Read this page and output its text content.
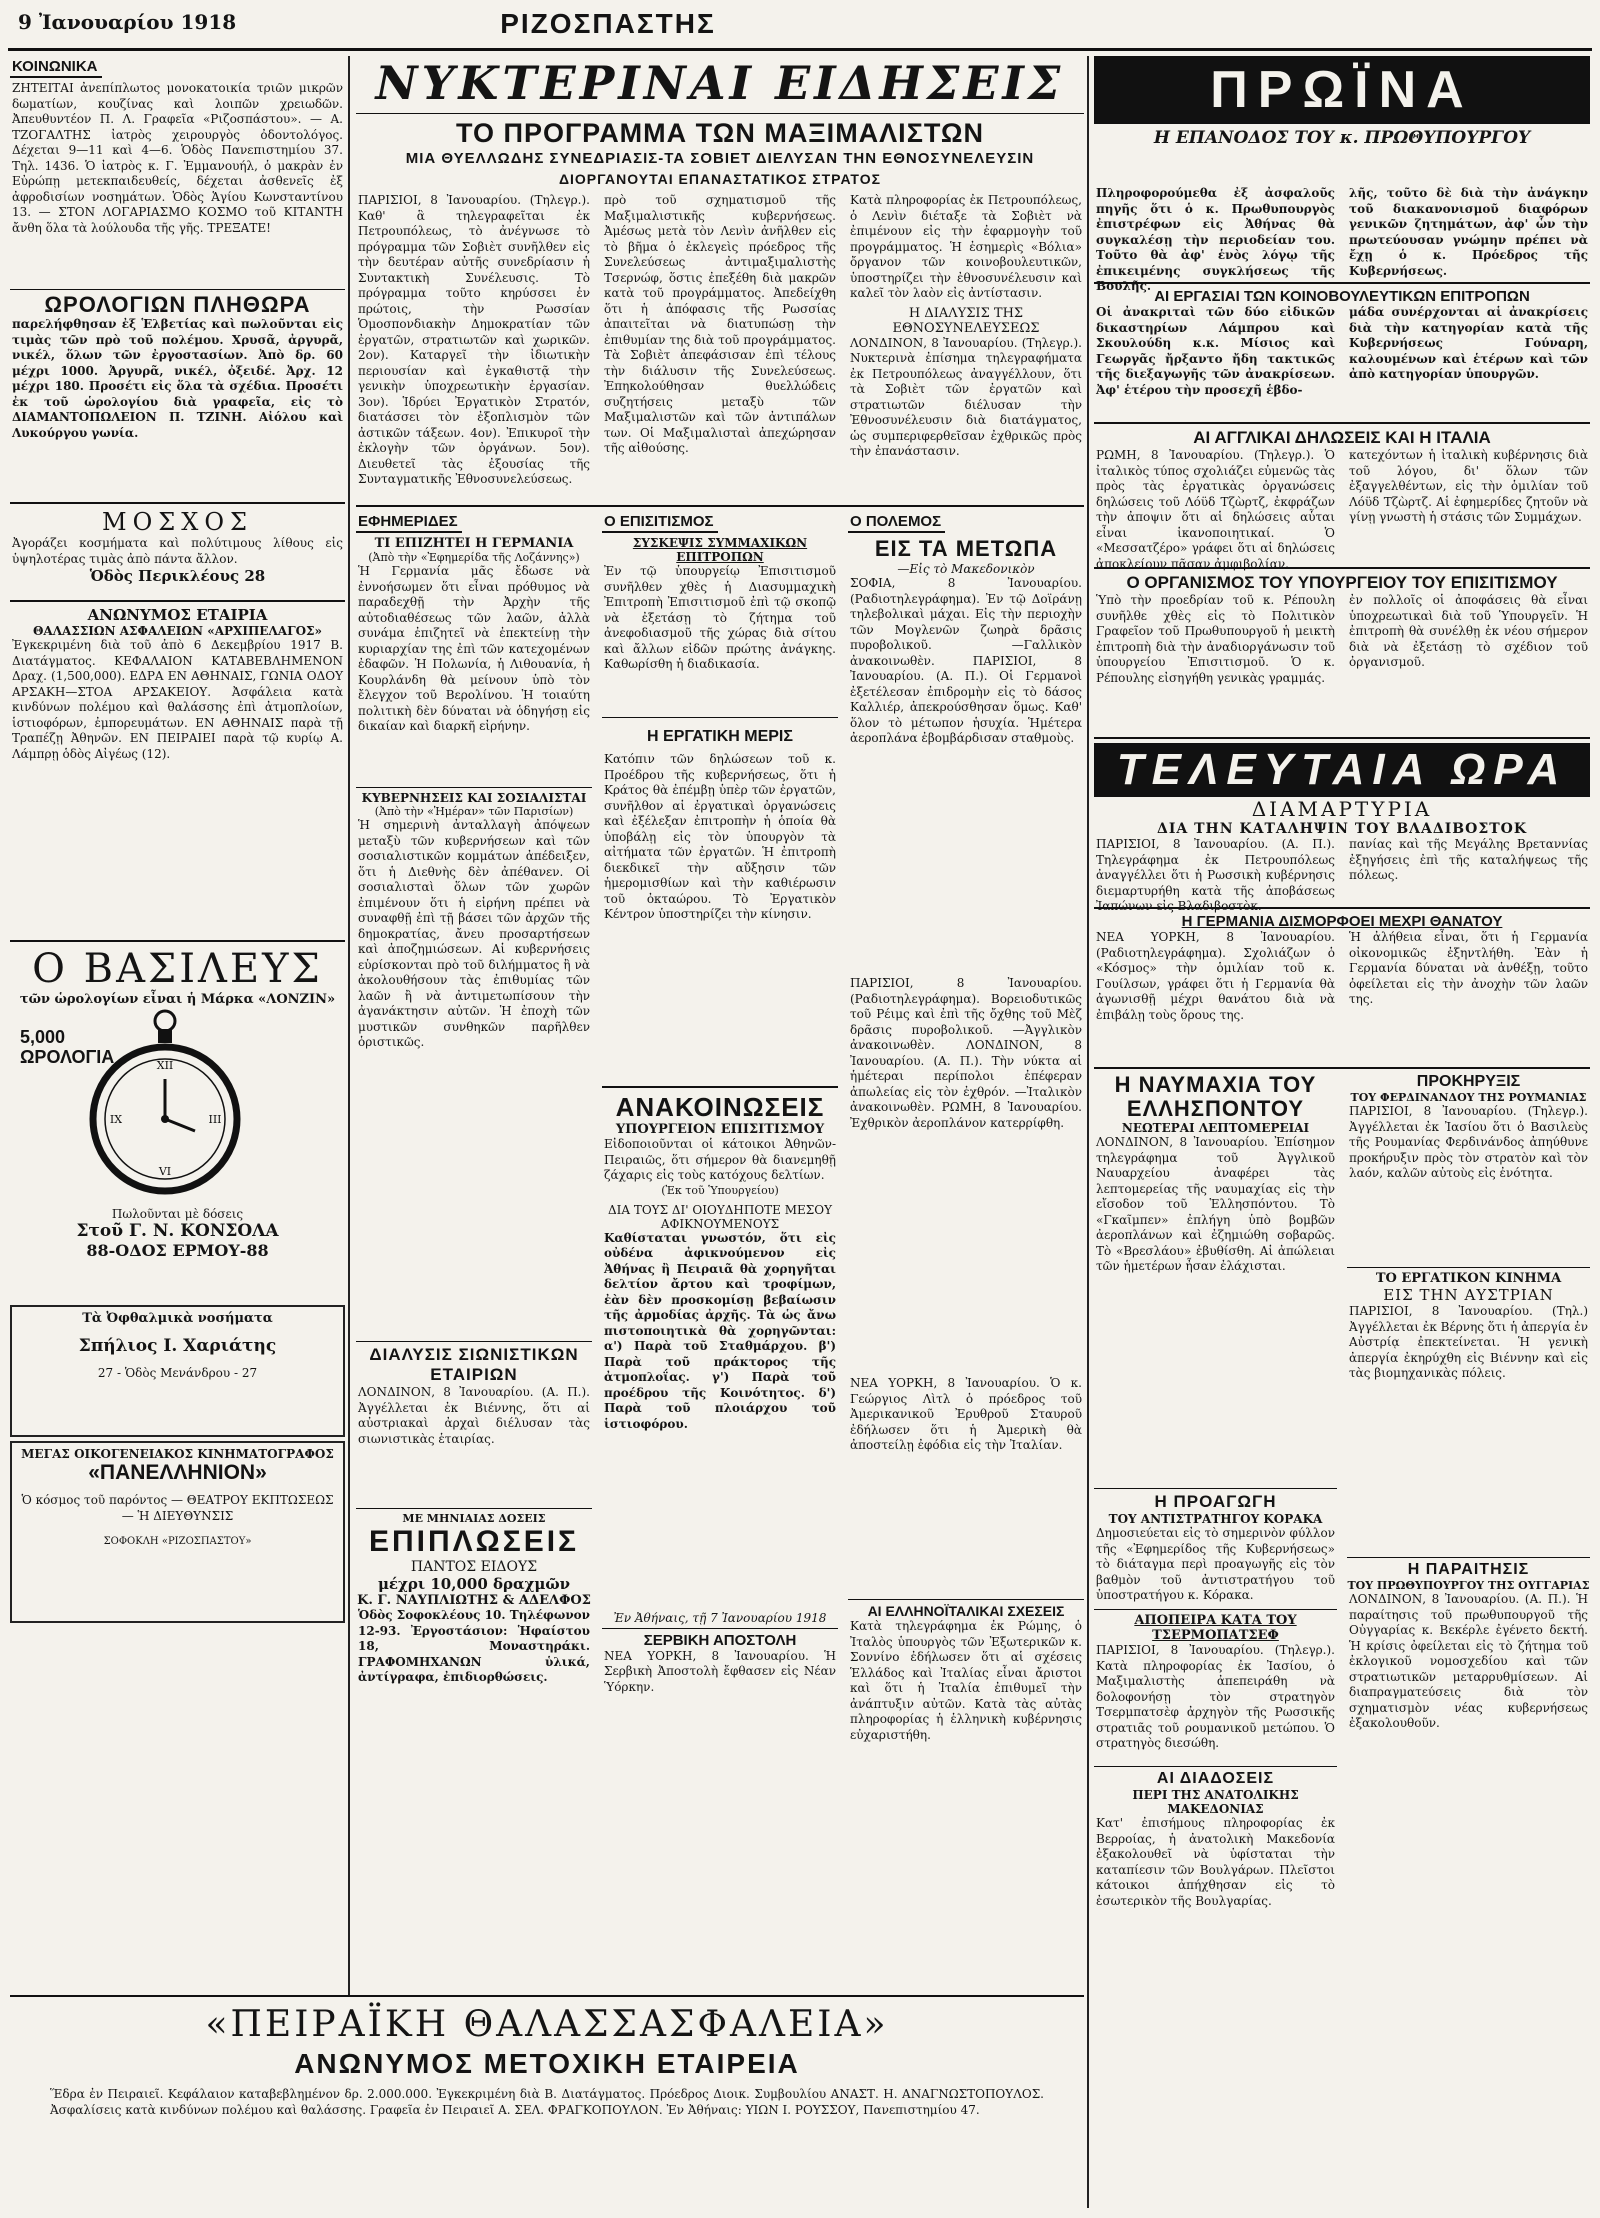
9 Ἰανουαρίου 1918	ΡΙΖΟΣΠΑΣΤΗΣ
ΚΟΙΝΩΝΙΚΑ
ΖΗΤΕΙΤΑΙ ἀνεπίπλωτος μονοκατοικία τριῶν μικρῶν δωματίων, κουζίνας καὶ λοιπῶν χρειωδῶν. Ἀπευθυντέον Π. Λ. Γραφεῖα «Ριζοσπάστου». — Α. ΤΖΟΓΑΛΤΗΣ ἰατρὸς χειρουργὸς ὀδοντολόγος. Δέχεται 9—11 καὶ 4—6. Ὁδὸς Πανεπιστημίου 37. Τηλ. 1436. Ὁ ἰατρὸς κ. Γ. Ἐμμανουήλ, ὁ μακρὰν ἐν Εὐρώπῃ μετεκπαιδευθείς, δέχεται ἀσθενεῖς ἐξ ἀφροδισίων νοσημάτων. Ὁδὸς Ἁγίου Κωνσταντίνου 13. — ΣΤΟΝ ΛΟΓΑΡΙΑΣΜΟ ΚΟΣΜΟ τοῦ ΚΙΤΑΝΤΗ ἄνθη ὅλα τὰ λούλουδα τῆς γῆς. ΤΡΕΞΑΤΕ!
ΩΡΟΛΟΓΙΩΝ ΠΛΗΘΩΡΑ
παρελήφθησαν ἐξ Ἑλβετίας καὶ πωλοῦνται εἰς τιμὰς τῶν πρὸ τοῦ πολέμου. Χρυσᾶ, ἀργυρᾶ, νικέλ, ὅλων τῶν ἐργοστασίων. Ἀπὸ δρ. 60 μέχρι 1000. Ἀργυρᾶ, νικέλ, ὀξειδέ. Ἀρχ. 12 μέχρι 180. Προσέτι εἰς ὅλα τὰ σχέδια. Προσέτι ἐκ τοῦ ὡρολογίου διὰ γραφεῖα, εἰς τὸ ΔΙΑΜΑΝΤΟΠΩΛΕΙΟΝ Π. ΤΖΙΝΗ. Αἰόλου καὶ Λυκούργου γωνία.
ΜΟΣΧΟΣ
Ἀγοράζει κοσμήματα καὶ πολύτιμους λίθους εἰς ὑψηλοτέρας τιμὰς ἀπὸ πάντα ἄλλον.
Ὁδὸς Περικλέους 28
ΑΝΩΝΥΜΟΣ ΕΤΑΙΡΙΑ
ΘΑΛΑΣΣΙΩΝ ΑΣΦΑΛΕΙΩΝ «ΑΡΧΙΠΕΛΑΓΟΣ»
Ἐγκεκριμένη διὰ τοῦ ἀπὸ 6 Δεκεμβρίου 1917 Β. Διατάγματος. ΚΕΦΑΛΑΙΟΝ ΚΑΤΑΒΕΒΛΗΜΕΝΟΝ Δραχ. (1,500,000). ΕΔΡΑ ΕΝ ΑΘΗΝΑΙΣ, ΓΩΝΙΑ ΟΔΟΥ ΑΡΣΑΚΗ—ΣΤΟΑ ΑΡΣΑΚΕΙΟΥ. Ἀσφάλεια κατὰ κινδύνων πολέμου καὶ θαλάσσης ἐπὶ ἀτμοπλοίων, ἱστιοφόρων, ἐμπορευμάτων. ΕΝ ΑΘΗΝΑΙΣ παρὰ τῇ Τραπέζῃ Ἀθηνῶν. ΕΝ ΠΕΙΡΑΙΕΙ παρὰ τῷ κυρίῳ Α. Λάμπρῃ ὁδὸς Αἰγέως (12).
Ο ΒΑΣΙΛΕΥΣ
τῶν ὡρολογίων εἶναι ἡ Μάρκα «ΛΟΝΖΙΝ»
XII
III
VI
IX
5,000 ΩΡΟΛΟΓΙΑ
Πωλοῦνται μὲ δόσεις
Στοῦ Γ. Ν. ΚΟΝΣΟΛΑ
88-ΟΔΟΣ ΕΡΜΟΥ-88
Τὰ Ὀφθαλμικὰ νοσήματα
Σπήλιος Ι. Χαριάτης
27 - Ὁδὸς Μενάνδρου - 27
ΜΕΓΑΣ ΟΙΚΟΓΕΝΕΙΑΚΟΣ ΚΙΝΗΜΑΤΟΓΡΑΦΟΣ
«ΠΑΝΕΛΛΗΝΙΟΝ»
Ὁ κόσμος τοῦ παρόντος — ΘΕΑΤΡΟΥ ΕΚΠΤΩΣΕΩΣ — Ἡ ΔΙΕΥΘΥΝΣΙΣ
ΣΟΦΟΚΛΗ «ΡΙΖΟΣΠΑΣΤΟΥ»
ΝΥΚΤΕΡΙΝΑΙ ΕΙΔΗΣΕΙΣ
ΤΟ ΠΡΟΓΡΑΜΜΑ ΤΩΝ ΜΑΞΙΜΑΛΙΣΤΩΝ
ΜΙΑ ΘΥΕΛΛΩΔΗΣ ΣΥΝΕΔΡΙΑΣΙΣ-ΤΑ ΣΟΒΙΕΤ ΔΙΕΛΥΣΑΝ ΤΗΝ ΕΘΝΟΣΥΝΕΛΕΥΣΙΝ
ΔΙΟΡΓΑΝΟΥΤΑΙ ΕΠΑΝΑΣΤΑΤΙΚΟΣ ΣΤΡΑΤΟΣ
ΠΑΡΙΣΙΟΙ, 8 Ἰανουαρίου. (Τηλεγρ.). Καθ' ἃ τηλεγραφεῖται ἐκ Πετρουπόλεως, τὸ ἀνέγνωσε τὸ πρόγραμμα τῶν Σοβιὲτ συνῆλθεν εἰς τὴν δευτέραν αὐτῆς συνεδρίασιν ἡ Συντακτικὴ Συνέλευσις. Τὸ πρόγραμμα τοῦτο κηρύσσει ἐν πρώτοις, τὴν Ρωσσίαν Ὁμοσπονδιακὴν Δημοκρατίαν τῶν ἐργατῶν, στρατιωτῶν καὶ χωρικῶν. 2ον). Καταργεῖ τὴν ἰδιωτικὴν περιουσίαν καὶ ἐγκαθιστᾷ τὴν γενικὴν ὑποχρεωτικὴν ἐργασίαν. 3ον). Ἱδρύει Ἐργατικὸν Στρατόν, διατάσσει τὸν ἐξοπλισμὸν τῶν ἀστικῶν τάξεων. 4ον). Ἐπικυροῖ τὴν ἐκλογὴν τῶν ὀργάνων. 5ον). Διευθετεῖ τὰς ἐξουσίας τῆς Συνταγματικῆς Ἐθνοσυνελεύσεως.
πρὸ τοῦ σχηματισμοῦ τῆς Μαξιμαλιστικῆς κυβερνήσεως. Ἀμέσως μετὰ τὸν Λενὶν ἀνῆλθεν εἰς τὸ βῆμα ὁ ἐκλεγεὶς πρόεδρος τῆς Συνελεύσεως ἀντιμαξιμαλιστὴς Τσερνώφ, ὅστις ἐπεξέθη διὰ μακρῶν κατὰ τοῦ προγράμματος. Ἀπεδείχθη ὅτι ἡ ἀπόφασις τῆς Ρωσσίας ἀπαιτεῖται νὰ διατυπώσῃ τὴν ἐπιθυμίαν της διὰ τοῦ προγράμματος. Τὰ Σοβιὲτ ἀπεφάσισαν ἐπὶ τέλους τὴν διάλυσιν τῆς Συνελεύσεως. Ἐπηκολούθησαν θυελλώδεις συζητήσεις μεταξὺ τῶν Μαξιμαλιστῶν καὶ τῶν ἀντιπάλων των. Οἱ Μαξιμαλισταὶ ἀπεχώρησαν τῆς αἰθούσης.
Κατὰ πληροφορίας ἐκ Πετρουπόλεως, ὁ Λενὶν διέταξε τὰ Σοβιὲτ νὰ ἐπιμένουν εἰς τὴν ἐφαρμογὴν τοῦ προγράμματος. Ἡ ἐσημερὶς «Βόλια» ὄργανον τῶν κοινοβουλευτικῶν, ὑποστηρίζει τὴν ἐθνοσυνέλευσιν καὶ καλεῖ τὸν λαὸν εἰς ἀντίστασιν.
Η ΔΙΑΛΥΣΙΣ ΤΗΣ ΕΘΝΟΣΥΝΕΛΕΥΣΕΩΣ
ΛΟΝΔΙΝΟΝ, 8 Ἰανουαρίου. (Τηλεγρ.). Νυκτερινὰ ἐπίσημα τηλεγραφήματα ἐκ Πετρουπόλεως ἀναγγέλλουν, ὅτι τὰ Σοβιὲτ τῶν ἐργατῶν καὶ στρατιωτῶν διέλυσαν τὴν Ἐθνοσυνέλευσιν διὰ διατάγματος, ὡς συμπεριφερθεῖσαν ἐχθρικῶς πρὸς τὴν ἐπανάστασιν.
ΕΦΗΜΕΡΙΔΕΣ
ΤΙ ΕΠΙΖΗΤΕΙ Η ΓΕΡΜΑΝΙΑ
(Ἀπὸ τὴν «Ἐφημερίδα τῆς Λοζάννης»)
Ἡ Γερμανία μᾶς ἔδωσε νὰ ἐννοήσωμεν ὅτι εἶναι πρόθυμος νὰ παραδεχθῇ τὴν Ἀρχὴν τῆς αὐτοδιαθέσεως τῶν λαῶν, ἀλλὰ συνάμα ἐπιζητεῖ νὰ ἐπεκτείνῃ τὴν κυριαρχίαν της ἐπὶ τῶν κατεχομένων ἐδαφῶν. Ἡ Πολωνία, ἡ Λιθουανία, ἡ Κουρλάνδη θὰ μείνουν ὑπὸ τὸν ἔλεγχον τοῦ Βερολίνου. Ἡ τοιαύτη πολιτικὴ δὲν δύναται νὰ ὁδηγήσῃ εἰς δικαίαν καὶ διαρκῆ εἰρήνην.
ΚΥΒΕΡΝΗΣΕΙΣ ΚΑΙ ΣΟΣΙΑΛΙΣΤΑΙ
(Ἀπὸ τὴν «Ἡμέραν» τῶν Παρισίων)
Ἡ σημερινὴ ἀνταλλαγὴ ἀπόψεων μεταξὺ τῶν κυβερνήσεων καὶ τῶν σοσιαλιστικῶν κομμάτων ἀπέδειξεν, ὅτι ἡ Διεθνὴς δὲν ἀπέθανεν. Οἱ σοσιαλισταὶ ὅλων τῶν χωρῶν ἐπιμένουν ὅτι ἡ εἰρήνη πρέπει νὰ συναφθῇ ἐπὶ τῇ βάσει τῶν ἀρχῶν τῆς δημοκρατίας, ἄνευ προσαρτήσεων καὶ ἀποζημιώσεων. Αἱ κυβερνήσεις εὑρίσκονται πρὸ τοῦ διλήμματος ἢ νὰ ἀκολουθήσουν τὰς ἐπιθυμίας τῶν λαῶν ἢ νὰ ἀντιμετωπίσουν τὴν ἀγανάκτησιν αὐτῶν. Ἡ ἐποχὴ τῶν μυστικῶν συνθηκῶν παρῆλθεν ὁριστικῶς.
ΔΙΑΛΥΣΙΣ ΣΙΩΝΙΣΤΙΚΩΝ ΕΤΑΙΡΙΩΝ
ΛΟΝΔΙΝΟΝ, 8 Ἰανουαρίου. (Α. Π.). Ἀγγέλλεται ἐκ Βιέννης, ὅτι αἱ αὐστριακαὶ ἀρχαὶ διέλυσαν τὰς σιωνιστικὰς ἑταιρίας.
ΜΕ ΜΗΝΙΑΙΑΣ ΔΟΣΕΙΣ
ΕΠΙΠΛΩΣΕΙΣ
ΠΑΝΤΟΣ ΕΙΔΟΥΣ
μέχρι 10,000 δραχμῶν
Κ. Γ. ΝΑΥΠΛΙΩΤΗΣ & ΑΔΕΛΦΟΣ
Ὁδὸς Σοφοκλέους 10. Τηλέφωνον 12-93. Ἐργοστάσιον: Ἡφαίστου 18, Μοναστηράκι. ΓΡΑΦΟΜΗΧΑΝΩΝ ὑλικά, ἀντίγραφα, ἐπιδιορθώσεις.
Ο ΕΠΙΣΙΤΙΣΜΟΣ
ΣΥΣΚΕΨΙΣ ΣΥΜΜΑΧΙΚΩΝ ΕΠΙΤΡΟΠΩΝ
Ἐν τῷ ὑπουργείῳ Ἐπισιτισμοῦ συνῆλθεν χθὲς ἡ Διασυμμαχικὴ Ἐπιτροπὴ Ἐπισιτισμοῦ ἐπὶ τῷ σκοπῷ νὰ ἐξετάσῃ τὸ ζήτημα τοῦ ἀνεφοδιασμοῦ τῆς χώρας διὰ σίτου καὶ ἄλλων εἰδῶν πρώτης ἀνάγκης. Καθωρίσθη ἡ διαδικασία.
Η ΕΡΓΑΤΙΚΗ ΜΕΡΙΣ
Κατόπιν τῶν δηλώσεων τοῦ κ. Προέδρου τῆς κυβερνήσεως, ὅτι ἡ Κράτος θὰ ἐπέμβῃ ὑπὲρ τῶν ἐργατῶν, συνῆλθον αἱ ἐργατικαὶ ὀργανώσεις καὶ ἐξέλεξαν ἐπιτροπὴν ἡ ὁποία θὰ ὑποβάλῃ εἰς τὸν ὑπουργὸν τὰ αἰτήματα τῶν ἐργατῶν. Ἡ ἐπιτροπὴ διεκδικεῖ τὴν αὔξησιν τῶν ἡμερομισθίων καὶ τὴν καθιέρωσιν τοῦ ὀκταώρου. Τὸ Ἐργατικὸν Κέντρον ὑποστηρίζει τὴν κίνησιν.
ΑΝΑΚΟΙΝΩΣΕΙΣ
ΥΠΟΥΡΓΕΙΟΝ ΕΠΙΣΙΤΙΣΜΟΥ
Εἰδοποιοῦνται οἱ κάτοικοι Ἀθηνῶν-Πειραιῶς, ὅτι σήμερον θὰ διανεμηθῇ ζάχαρις εἰς τοὺς κατόχους δελτίων.
(Ἐκ τοῦ Ὑπουργείου)
ΔΙΑ ΤΟΥΣ ΔΙ' ΟΙΟΥΔΗΠΟΤΕ ΜΕΣΟΥ ΑΦΙΚΝΟΥΜΕΝΟΥΣ
Καθίσταται γνωστόν, ὅτι εἰς οὐδένα ἀφικνούμενον εἰς Ἀθήνας ἢ Πειραιᾶ θὰ χορηγῆται δελτίον ἄρτου καὶ τροφίμων, ἐὰν δὲν προσκομίσῃ βεβαίωσιν τῆς ἀρμοδίας ἀρχῆς. Τὰ ὡς ἄνω πιστοποιητικὰ θὰ χορηγῶνται: α') Παρὰ τοῦ Σταθμάρχου. β') Παρὰ τοῦ πράκτορος τῆς ἀτμοπλοΐας. γ') Παρὰ τοῦ προέδρου τῆς Κοινότητος. δ') Παρὰ τοῦ πλοιάρχου τοῦ ἱστιοφόρου.
Ἐν Ἀθήναις, τῇ 7 Ἰανουαρίου 1918
ΣΕΡΒΙΚΗ ΑΠΟΣΤΟΛΗ
ΝΕΑ ΥΟΡΚΗ, 8 Ἰανουαρίου. Ἡ Σερβικὴ Ἀποστολὴ ἔφθασεν εἰς Νέαν Ὑόρκην.
Ο ΠΟΛΕΜΟΣ
ΕΙΣ ΤΑ ΜΕΤΩΠΑ
—Εἰς τὸ Μακεδονικὸν
ΣΟΦΙΑ, 8 Ἰανουαρίου. (Ραδιοτηλεγράφημα). Ἐν τῷ Δοϊράνῃ τηλεβολικαὶ μάχαι. Εἰς τὴν περιοχὴν τῶν Μογλενῶν ζωηρὰ δρᾶσις πυροβολικοῦ. —Γαλλικὸν ἀνακοινωθὲν. ΠΑΡΙΣΙΟΙ, 8 Ἰανουαρίου. (Α. Π.). Οἱ Γερμανοὶ ἐξετέλεσαν ἐπιδρομὴν εἰς τὸ δάσος Καλλιέρ, ἀπεκρούσθησαν ὅμως. Καθ' ὅλον τὸ μέτωπον ἡσυχία. Ἡμέτερα ἀεροπλάνα ἐβομβάρδισαν σταθμοὺς.
ΠΑΡΙΣΙΟΙ, 8 Ἰανουαρίου. (Ραδιοτηλεγράφημα). Βορειοδυτικῶς τοῦ Ρέιμς καὶ ἐπὶ τῆς ὄχθης τοῦ Μὲζ δρᾶσις πυροβολικοῦ. —Ἀγγλικὸν ἀνακοινωθὲν. ΛΟΝΔΙΝΟΝ, 8 Ἰανουαρίου. (Α. Π.). Τὴν νύκτα αἱ ἡμέτεραι περίπολοι ἐπέφεραν ἀπωλείας εἰς τὸν ἐχθρόν. —Ἰταλικὸν ἀνακοινωθὲν. ΡΩΜΗ, 8 Ἰανουαρίου. Ἐχθρικὸν ἀεροπλάνον κατερρίφθη.
ΝΕΑ ΥΟΡΚΗ, 8 Ἰανουαρίου. Ὁ κ. Γεώργιος Λὶτλ ὁ πρόεδρος τοῦ Ἀμερικανικοῦ Ἐρυθροῦ Σταυροῦ ἐδήλωσεν ὅτι ἡ Ἀμερικὴ θὰ ἀποστείλῃ ἐφόδια εἰς τὴν Ἰταλίαν.
ΑΙ ΕΛΛΗΝΟΪΤΑΛΙΚΑΙ ΣΧΕΣΕΙΣ
Κατὰ τηλεγράφημα ἐκ Ρώμης, ὁ Ἰταλὸς ὑπουργὸς τῶν Ἐξωτερικῶν κ. Σοννίνο ἐδήλωσεν ὅτι αἱ σχέσεις Ἑλλάδος καὶ Ἰταλίας εἶναι ἄριστοι καὶ ὅτι ἡ Ἰταλία ἐπιθυμεῖ τὴν ἀνάπτυξιν αὐτῶν. Κατὰ τὰς αὐτὰς πληροφορίας ἡ ἑλληνικὴ κυβέρνησις εὐχαριστήθη.
ΠΡΩΪΝΑ
Η ΕΠΑΝΟΔΟΣ ΤΟΥ κ. ΠΡΩΘΥΠΟΥΡΓΟΥ
Πληροφορούμεθα ἐξ ἀσφαλοῦς πηγῆς ὅτι ὁ κ. Πρωθυπουργὸς ἐπιστρέφων εἰς Ἀθήνας θὰ συγκαλέσῃ τὴν περιοδείαν του. Τοῦτο θὰ ἀφ' ἑνὸς λόγῳ τῆς ἐπικειμένης συγκλήσεως τῆς Βουλῆς.
λῆς, τοῦτο δὲ διὰ τὴν ἀνάγκην τοῦ διακανονισμοῦ διαφόρων γενικῶν ζητημάτων, ἀφ' ὧν τὴν πρωτεύουσαν γνώμην πρέπει νὰ ἔχῃ ὁ κ. Πρόεδρος τῆς Κυβερνήσεως.
ΑΙ ΕΡΓΑΣΙΑΙ ΤΩΝ ΚΟΙΝΟΒΟΥΛΕΥΤΙΚΩΝ ΕΠΙΤΡΟΠΩΝ
Οἱ ἀνακριταὶ τῶν δύο εἰδικῶν δικαστηρίων Λάμπρου καὶ Σκουλούδη κ.κ. Μίσιος καὶ Γεωργᾶς ἤρξαντο ἤδη τακτικῶς τῆς διεξαγωγῆς τῶν ἀνακρίσεων. Ἀφ' ἑτέρου τὴν προσεχῆ ἑβδο-
μάδα συνέρχονται αἱ ἀνακρίσεις διὰ τὴν κατηγορίαν κατὰ τῆς Κυβερνήσεως Γούναρη, καλουμένων καὶ ἑτέρων καὶ τῶν ἀπὸ κατηγορίαν ὑπουργῶν.
ΑΙ ΑΓΓΛΙΚΑΙ ΔΗΛΩΣΕΙΣ ΚΑΙ Η ΙΤΑΛΙΑ
ΡΩΜΗ, 8 Ἰανουαρίου. (Τηλεγρ.). Ὁ ἰταλικὸς τύπος σχολιάζει εὐμενῶς τὰς πρὸς τὰς ἐργατικὰς ὀργανώσεις δηλώσεις τοῦ Λόϋδ Τζὼρτζ, ἐκφράζων τὴν ἀποψιν ὅτι αἱ δηλώσεις αὗται εἶναι ἱκανοποιητικαί. Ὁ «Μεσσατζέρο» γράφει ὅτι αἱ δηλώσεις ἀποκλείουν πᾶσαν ἀμφιβολίαν.
κατεχόντων ἡ ἰταλικὴ κυβέρνησις διὰ τοῦ λόγου, δι' ὅλων τῶν ἐξαγγελθέντων, εἰς τὴν ὁμιλίαν τοῦ Λόϋδ Τζὼρτζ. Αἱ ἐφημερίδες ζητοῦν νὰ γίνῃ γνωστὴ ἡ στάσις τῶν Συμμάχων.
Ο ΟΡΓΑΝΙΣΜΟΣ ΤΟΥ ΥΠΟΥΡΓΕΙΟΥ ΤΟΥ ΕΠΙΣΙΤΙΣΜΟΥ
Ὑπὸ τὴν προεδρίαν τοῦ κ. Ρέπουλη συνῆλθε χθὲς εἰς τὸ Πολιτικὸν Γραφεῖον τοῦ Πρωθυπουργοῦ ἡ μεικτὴ ἐπιτροπὴ διὰ τὴν ἀναδιοργάνωσιν τοῦ ὑπουργείου Ἐπισιτισμοῦ. Ὁ κ. Ρέπουλης εἰσηγήθη γενικὰς γραμμάς.
ἐν πολλοῖς οἱ ἀποφάσεις θὰ εἶναι ὑποχρεωτικαὶ διὰ τοῦ Ὑπουργεῖν. Ἡ ἐπιτροπὴ θὰ συνέλθῃ ἐκ νέου σήμερον διὰ νὰ ἐξετάσῃ τὸ σχέδιον τοῦ ὀργανισμοῦ.
ΤΕΛΕΥΤΑΙΑ ΩΡΑ
ΔΙΑΜΑΡΤΥΡΙΑ
ΔΙΑ ΤΗΝ ΚΑΤΑΛΗΨΙΝ ΤΟΥ ΒΛΑΔΙΒΟΣΤΟΚ
ΠΑΡΙΣΙΟΙ, 8 Ἰανουαρίου. (Α. Π.). Τηλεγράφημα ἐκ Πετρουπόλεως ἀναγγέλλει ὅτι ἡ Ρωσσικὴ κυβέρνησις διεμαρτυρήθη κατὰ τῆς ἀποβάσεως Ἰαπώνων εἰς Βλαδιβοστὸκ.
πανίας καὶ τῆς Μεγάλης Βρεταννίας ἐξηγήσεις ἐπὶ τῆς καταλήψεως τῆς πόλεως.
Η ΓΕΡΜΑΝΙΑ ΔΙΣΜΟΡΦΟΕΙ ΜΕΧΡΙ ΘΑΝΑΤΟΥ
ΝΕΑ ΥΟΡΚΗ, 8 Ἰανουαρίου. (Ραδιοτηλεγράφημα). Σχολιάζων ὁ «Κόσμος» τὴν ὁμιλίαν τοῦ κ. Γουίλσων, γράφει ὅτι ἡ Γερμανία θὰ ἀγωνισθῇ μέχρι θανάτου διὰ νὰ ἐπιβάλῃ τοὺς ὅρους της.
Ἡ ἀλήθεια εἶναι, ὅτι ἡ Γερμανία οἰκονομικῶς ἐξηντλήθη. Ἐὰν ἡ Γερμανία δύναται νὰ ἀνθέξῃ, τοῦτο ὀφείλεται εἰς τὴν ἀνοχὴν τῶν λαῶν της.
Η ΝΑΥΜΑΧΙΑ ΤΟΥ ΕΛΛΗΣΠΟΝΤΟΥ
ΝΕΩΤΕΡΑΙ ΛΕΠΤΟΜΕΡΕΙΑΙ
ΛΟΝΔΙΝΟΝ, 8 Ἰανουαρίου. Ἐπίσημον τηλεγράφημα τοῦ Ἀγγλικοῦ Ναυαρχείου ἀναφέρει τὰς λεπτομερείας τῆς ναυμαχίας εἰς τὴν εἴσοδον τοῦ Ἑλλησπόντου. Τὸ «Γκαῖμπεν» ἐπλήγη ὑπὸ βομβῶν ἀεροπλάνων καὶ ἐζημιώθη σοβαρῶς. Τὸ «Βρεσλάου» ἐβυθίσθη. Αἱ ἀπώλειαι τῶν ἡμετέρων ἦσαν ἐλάχισται.
Η ΠΡΟΑΓΩΓΗ
ΤΟΥ ΑΝΤΙΣΤΡΑΤΗΓΟΥ ΚΟΡΑΚΑ
Δημοσιεύεται εἰς τὸ σημερινὸν φύλλον τῆς «Ἐφημερίδος τῆς Κυβερνήσεως» τὸ διάταγμα περὶ προαγωγῆς εἰς τὸν βαθμὸν τοῦ ἀντιστρατήγου τοῦ ὑποστρατήγου κ. Κόρακα.
ΑΠΟΠΕΙΡΑ ΚΑΤΑ ΤΟΥ ΤΣΕΡΜΟΠΑΤΣΕΦ
ΠΑΡΙΣΙΟΙ, 8 Ἰανουαρίου. (Τηλεγρ.). Κατὰ πληροφορίας ἐκ Ἰασίου, ὁ Μαξιμαλιστὴς ἀπεπειράθη νὰ δολοφονήσῃ τὸν στρατηγὸν Τσερμπατσὲφ ἀρχηγὸν τῆς Ρωσσικῆς στρατιᾶς τοῦ ρουμανικοῦ μετώπου. Ὁ στρατηγὸς διεσώθη.
ΑΙ ΔΙΑΔΟΣΕΙΣ
ΠΕΡΙ ΤΗΣ ΑΝΑΤΟΛΙΚΗΣ ΜΑΚΕΔΟΝΙΑΣ
Κατ' ἐπισήμους πληροφορίας ἐκ Βερροίας, ἡ ἀνατολικὴ Μακεδονία ἐξακολουθεῖ νὰ ὑφίσταται τὴν καταπίεσιν τῶν Βουλγάρων. Πλεῖστοι κάτοικοι ἀπήχθησαν εἰς τὸ ἐσωτερικὸν τῆς Βουλγαρίας.
ΠΡΟΚΗΡΥΞΙΣ
ΤΟΥ ΦΕΡΔΙΝΑΝΔΟΥ ΤΗΣ ΡΟΥΜΑΝΙΑΣ
ΠΑΡΙΣΙΟΙ, 8 Ἰανουαρίου. (Τηλεγρ.). Ἀγγέλλεται ἐκ Ἰασίου ὅτι ὁ Βασιλεὺς τῆς Ρουμανίας Φερδινάνδος ἀπηύθυνε προκήρυξιν πρὸς τὸν στρατὸν καὶ τὸν λαόν, καλῶν αὐτοὺς εἰς ἐνότητα.
ΤΟ ΕΡΓΑΤΙΚΟΝ ΚΙΝΗΜΑ
ΕΙΣ ΤΗΝ ΑΥΣΤΡΙΑΝ
ΠΑΡΙΣΙΟΙ, 8 Ἰανουαρίου. (Τηλ.) Ἀγγέλλεται ἐκ Βέρνης ὅτι ἡ ἀπεργία ἐν Αὐστρίᾳ ἐπεκτείνεται. Ἡ γενικὴ ἀπεργία ἐκηρύχθη εἰς Βιέννην καὶ εἰς τὰς βιομηχανικὰς πόλεις.
Η ΠΑΡΑΙΤΗΣΙΣ
ΤΟΥ ΠΡΩΘΥΠΟΥΡΓΟΥ ΤΗΣ ΟΥΓΓΑΡΙΑΣ
ΛΟΝΔΙΝΟΝ, 8 Ἰανουαρίου. (Α. Π.). Ἡ παραίτησις τοῦ πρωθυπουργοῦ τῆς Οὐγγαρίας κ. Βεκέρλε ἐγένετο δεκτή. Ἡ κρίσις ὀφείλεται εἰς τὸ ζήτημα τοῦ ἐκλογικοῦ νομοσχεδίου καὶ τῶν στρατιωτικῶν μεταρρυθμίσεων. Αἱ διαπραγματεύσεις διὰ τὸν σχηματισμὸν νέας κυβερνήσεως ἐξακολουθοῦν.
«ΠΕΙΡΑΪΚΗ ΘΑΛΑΣΣΑΣΦΑΛΕΙΑ»
ΑΝΩΝΥΜΟΣ ΜΕΤΟΧΙΚΗ ΕΤΑΙΡΕΙΑ
Ἕδρα ἐν Πειραιεῖ. Κεφάλαιον καταβεβλημένον δρ. 2.000.000. Ἐγκεκριμένη διὰ Β. Διατάγματος. Πρόεδρος Διοικ. Συμβουλίου ΑΝΑΣΤ. Η. ΑΝΑΓΝΩΣΤΟΠΟΥΛΟΣ. Ἀσφαλίσεις κατὰ κινδύνων πολέμου καὶ θαλάσσης. Γραφεῖα ἐν Πειραιεῖ Α. ΣΕΛ. ΦΡΑΓΚΟΠΟΥΛΟΝ. Ἐν Ἀθήναις: ΥΙΩΝ Ι. ΡΟΥΣΣΟΥ, Πανεπιστημίου 47.
